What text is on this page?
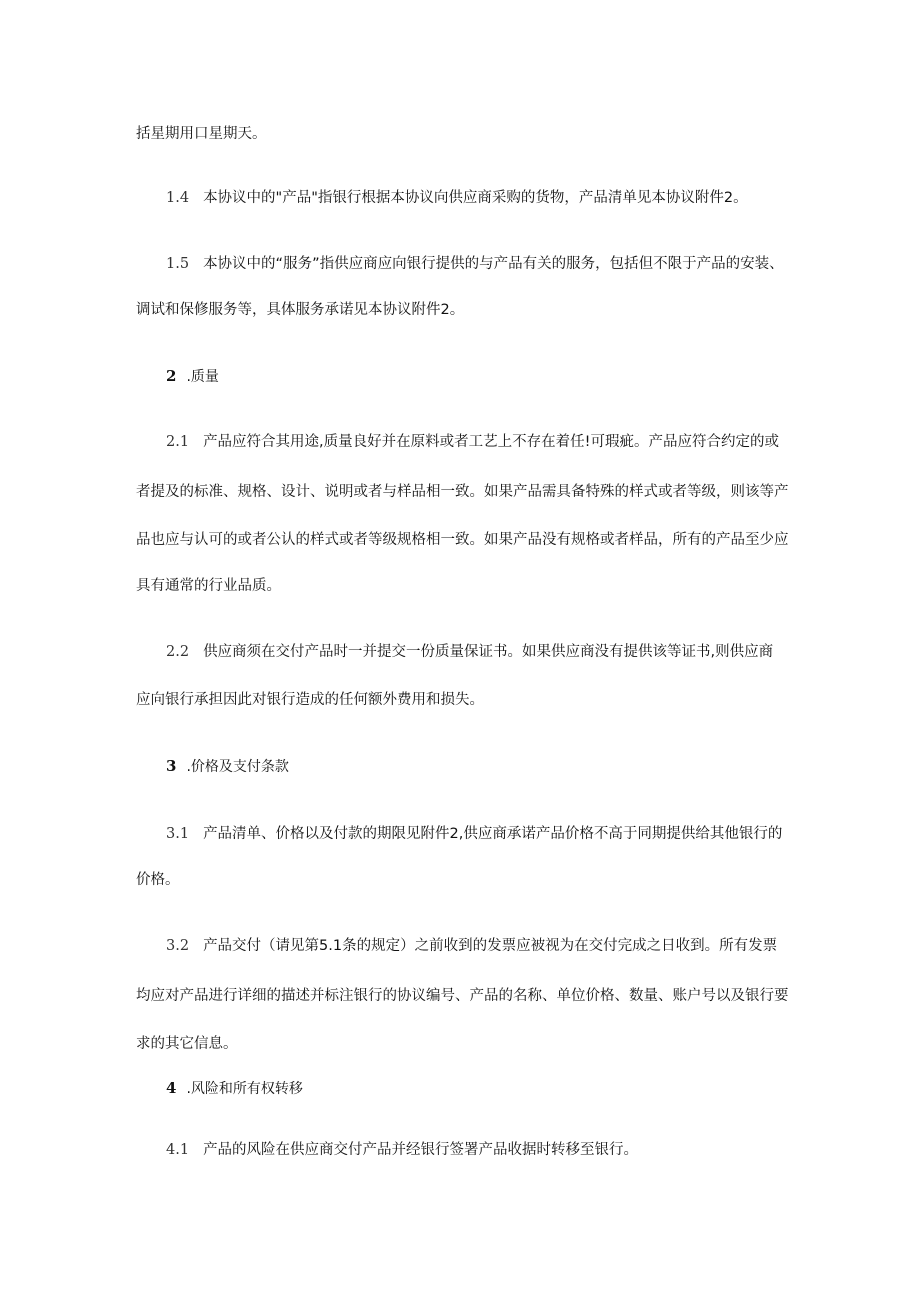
括星期用口星期天。
1.4 本协议中的"产品"指银行根据本协议向供应商采购的货物，产品清单见本协议附件2。
1.5 本协议中的“服务”指供应商应向银行提供的与产品有关的服务，包括但不限于产品的安装、
调试和保修服务等，具体服务承诺见本协议附件2。
2 .质量
2.1 产品应符合其用途,质量良好并在原料或者工艺上不存在着任!可瑕疵。产品应符合约定的或
者提及的标准、规格、设计、说明或者与样品相一致。如果产品需具备特殊的样式或者等级，则该等产
品也应与认可的或者公认的样式或者等级规格相一致。如果产品没有规格或者样品，所有的产品至少应
具有通常的行业品质。
2.2 供应商须在交付产品时一并提交一份质量保证书。如果供应商没有提供该等证书,则供应商
应向银行承担因此对银行造成的任何额外费用和损失。
3 .价格及支付条款
3.1 产品清单、价格以及付款的期限见附件2,供应商承诺产品价格不高于同期提供给其他银行的
价格。
3.2 产品交付（请见第5.1条的规定）之前收到的发票应被视为在交付完成之日收到。所有发票
均应对产品进行详细的描述并标注银行的协议编号、产品的名称、单位价格、数量、账户号以及银行要
求的其它信息。
4 .风险和所有权转移
4.1 产品的风险在供应商交付产品并经银行签署产品收据时转移至银行。
